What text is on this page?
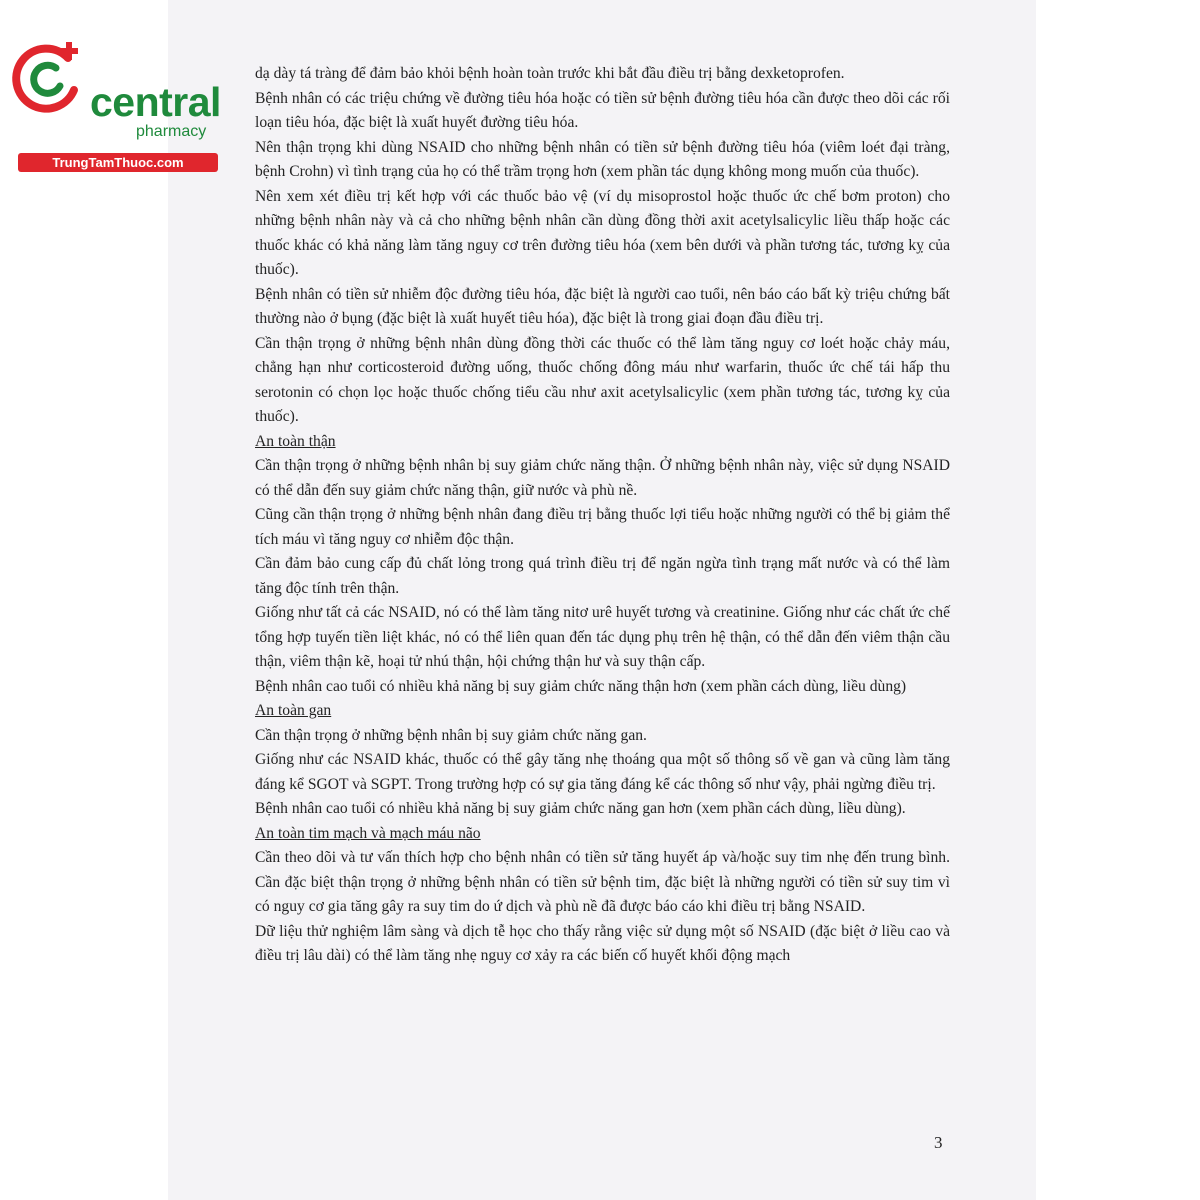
central
pharmacy
TrungTamThuoc.com

dạ dày tá tràng để đảm bảo khỏi bệnh hoàn toàn trước khi bắt đầu điều trị bằng dexketoprofen.

Bệnh nhân có các triệu chứng về đường tiêu hóa hoặc có tiền sử bệnh đường tiêu hóa cần được theo dõi các rối loạn tiêu hóa, đặc biệt là xuất huyết đường tiêu hóa.

Nên thận trọng khi dùng NSAID cho những bệnh nhân có tiền sử bệnh đường tiêu hóa (viêm loét đại tràng, bệnh Crohn) vì tình trạng của họ có thể trầm trọng hơn (xem phần tác dụng không mong muốn của thuốc).

Nên xem xét điều trị kết hợp với các thuốc bảo vệ (ví dụ misoprostol hoặc thuốc ức chế bơm proton) cho những bệnh nhân này và cả cho những bệnh nhân cần dùng đồng thời axit acetylsalicylic liều thấp hoặc các thuốc khác có khả năng làm tăng nguy cơ trên đường tiêu hóa (xem bên dưới và phần tương tác, tương kỵ của thuốc).

Bệnh nhân có tiền sử nhiễm độc đường tiêu hóa, đặc biệt là người cao tuổi, nên báo cáo bất kỳ triệu chứng bất thường nào ở bụng (đặc biệt là xuất huyết tiêu hóa), đặc biệt là trong giai đoạn đầu điều trị.

Cần thận trọng ở những bệnh nhân dùng đồng thời các thuốc có thể làm tăng nguy cơ loét hoặc chảy máu, chẳng hạn như corticosteroid đường uống, thuốc chống đông máu như warfarin, thuốc ức chế tái hấp thu serotonin có chọn lọc hoặc thuốc chống tiểu cầu như axit acetylsalicylic (xem phần tương tác, tương kỵ của thuốc).

An toàn thận

Cần thận trọng ở những bệnh nhân bị suy giảm chức năng thận. Ở những bệnh nhân này, việc sử dụng NSAID có thể dẫn đến suy giảm chức năng thận, giữ nước và phù nề.

Cũng cần thận trọng ở những bệnh nhân đang điều trị bằng thuốc lợi tiểu hoặc những người có thể bị giảm thể tích máu vì tăng nguy cơ nhiễm độc thận.

Cần đảm bảo cung cấp đủ chất lỏng trong quá trình điều trị để ngăn ngừa tình trạng mất nước và có thể làm tăng độc tính trên thận.

Giống như tất cả các NSAID, nó có thể làm tăng nitơ urê huyết tương và creatinine. Giống như các chất ức chế tổng hợp tuyến tiền liệt khác, nó có thể liên quan đến tác dụng phụ trên hệ thận, có thể dẫn đến viêm thận cầu thận, viêm thận kẽ, hoại tử nhú thận, hội chứng thận hư và suy thận cấp.

Bệnh nhân cao tuổi có nhiều khả năng bị suy giảm chức năng thận hơn (xem phần cách dùng, liều dùng)

An toàn gan

Cần thận trọng ở những bệnh nhân bị suy giảm chức năng gan.

Giống như các NSAID khác, thuốc có thể gây tăng nhẹ thoáng qua một số thông số về gan và cũng làm tăng đáng kể SGOT và SGPT. Trong trường hợp có sự gia tăng đáng kể các thông số như vậy, phải ngừng điều trị.

Bệnh nhân cao tuổi có nhiều khả năng bị suy giảm chức năng gan hơn (xem phần cách dùng, liều dùng).

An toàn tim mạch và mạch máu não

Cần theo dõi và tư vấn thích hợp cho bệnh nhân có tiền sử tăng huyết áp và/hoặc suy tim nhẹ đến trung bình. Cần đặc biệt thận trọng ở những bệnh nhân có tiền sử bệnh tim, đặc biệt là những người có tiền sử suy tim vì có nguy cơ gia tăng gây ra suy tim do ứ dịch và phù nề đã được báo cáo khi điều trị bằng NSAID.

Dữ liệu thử nghiệm lâm sàng và dịch tễ học cho thấy rằng việc sử dụng một số NSAID (đặc biệt ở liều cao và điều trị lâu dài) có thể làm tăng nhẹ nguy cơ xảy ra các biến cố huyết khối động mạch

3
